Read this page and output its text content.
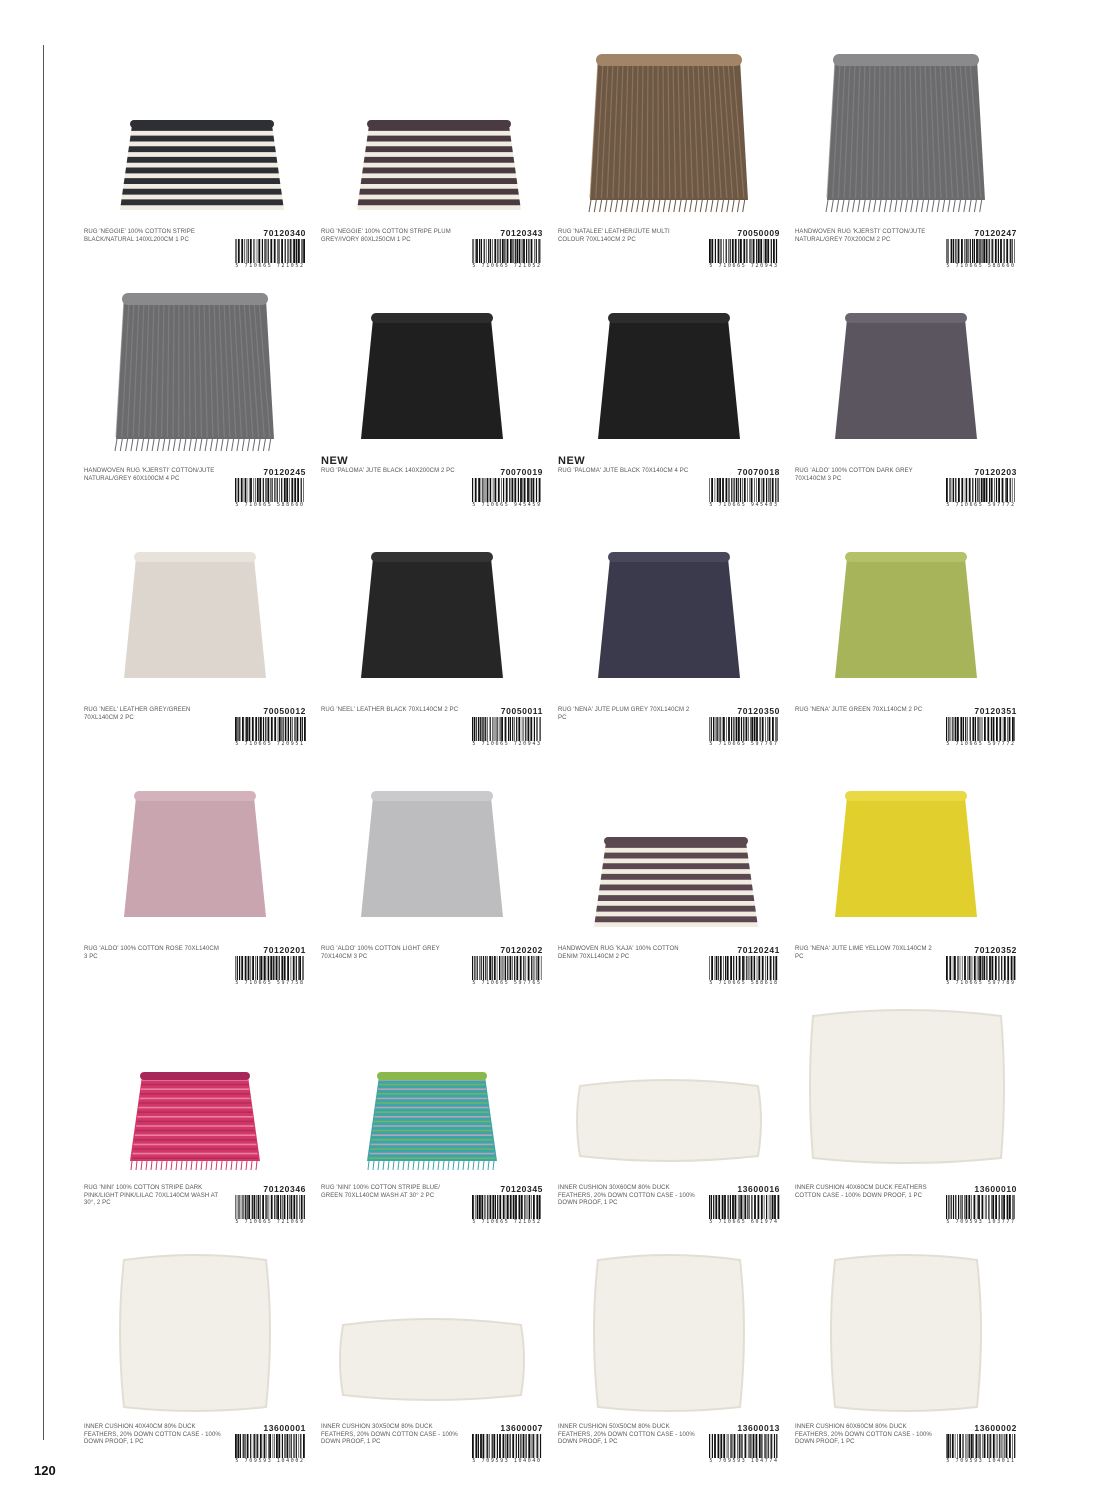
120
RUG 'NEGGIE' 100% COTTON STRIPE BLACK/NATURAL 140XL200CM 1 PC
70120340
5 710665 721052
RUG 'NEGGIE' 100% COTTON STRIPE PLUM GREY/IVORY 80XL250CM 1 PC
70120343
5 710665 721052
RUG 'NATALEE' LEATHER/JUTE MULTI COLOUR 70XL140CM 2 PC
70050009
5 710665 720943
HANDWOVEN RUG 'KJERSTI' COTTON/JUTE NATURAL/GREY 70X200CM 2 PC
70120247
5 710665 588660
HANDWOVEN RUG 'KJERSTI' COTTON/JUTE NATURAL/GREY 60X100CM 4 PC
70120245
5 710665 588660
NEW
RUG 'PALOMA' JUTE BLACK 140X200CM 2 PC	70070019
5 710665 945459
NEW
RUG 'PALOMA' JUTE BLACK 70X140CM 4 PC	70070018
5 710665 945403
RUG 'ALDO' 100% COTTON DARK GREY 70X140CM 3 PC
70120203
5 710665 597772
RUG 'NEEL' LEATHER GREY/GREEN 70XL140CM 2 PC
70050012
5 710665 720951
RUG 'NEEL' LEATHER BLACK 70XL140CM 2 PC	70050011
5 710665 720943
RUG 'NENA' JUTE PLUM GREY 70XL140CM 2 PC
70120350
5 710665 597767
RUG 'NENA' JUTE GREEN 70XL140CM 2 PC	70120351
5 710665 597772
RUG 'ALDO' 100% COTTON ROSE 70XL140CM 3 PC
70120201
5 710665 597758
RUG 'ALDO' 100% COTTON LIGHT GREY 70X140CM 3 PC
70120202
5 710665 597765
HANDWOVEN RUG 'KAJA' 100% COTTON DENIM 70XL140CM 2 PC
70120241
5 710665 588618
RUG 'NENA' JUTE LIME YELLOW 70XL140CM 2 PC
70120352
5 710665 597789
RUG 'NINI' 100% COTTON STRIPE DARK PINK/LIGHT PINK/LILAC 70XL140CM WASH AT 30°, 2 PC
70120346
5 710665 721069
RUG 'NINI' 100% COTTON STRIPE BLUE/ GREEN 70XL140CM WASH AT 30° 2 PC
70120345
5 710665 721052
INNER CUSHION 30X60CM 80% DUCK FEATHERS, 20% DOWN COTTON CASE - 100% DOWN PROOF, 1 PC
13600016
5 710665 601974
INNER CUSHION 40X60CM DUCK FEATHERS COTTON CASE - 100% DOWN PROOF, 1 PC
13600010
5 709593 103777
INNER CUSHION 40X40CM 80% DUCK FEATHERS, 20% DOWN COTTON CASE - 100% DOWN PROOF, 1 PC
13600001
5 709593 104002
INNER CUSHION 30X50CM 80% DUCK FEATHERS, 20% DOWN COTTON CASE - 100% DOWN PROOF, 1 PC
13600007
5 709593 104040
INNER CUSHION 50X50CM 80% DUCK FEATHERS, 20% DOWN COTTON CASE - 100% DOWN PROOF, 1 PC
13600013
5 709593 104774
INNER CUSHION 60X60CM 80% DUCK FEATHERS, 20% DOWN COTTON CASE - 100% DOWN PROOF, 1 PC
13600002
5 709593 104011
